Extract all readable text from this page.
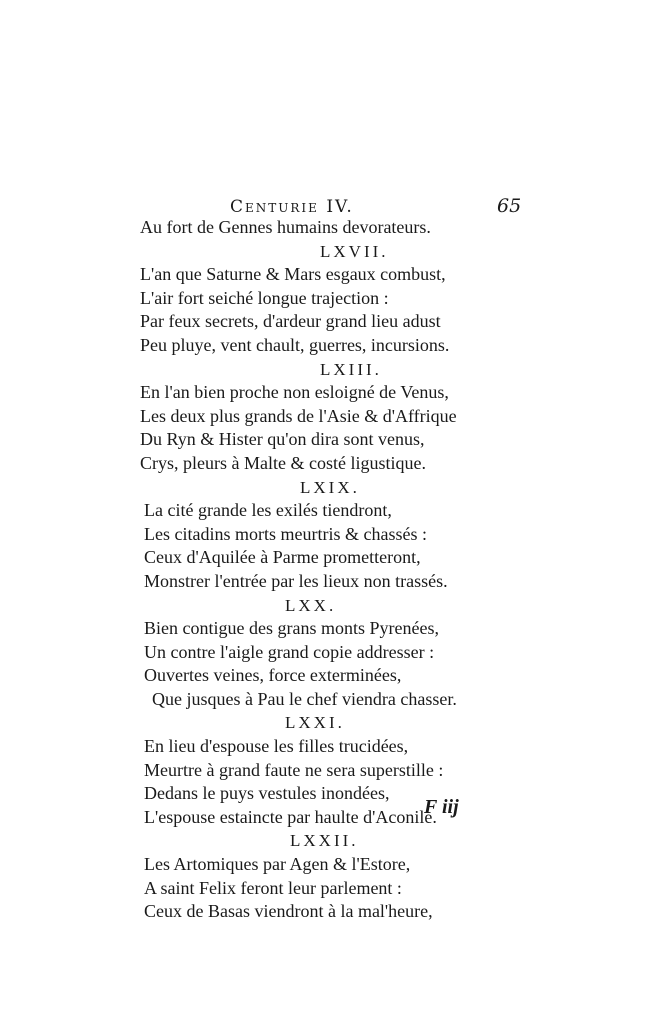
Centurie IV.	65
Au fort de Gennes humains devorateurs.
LXVII.
L'an que Saturne & Mars esgaux combust,
L'air fort seiché longue trajection :
Par feux secrets, d'ardeur grand lieu adust
Peu pluye, vent chault, guerres, incursions.
LXIII.
En l'an bien proche non esloigné de Venus,
Les deux plus grands de l'Asie & d'Affrique
Du Ryn & Hister qu'on dira sont venus,
Crys, pleurs à Malte & costé ligustique.
LXIX.
La cité grande les exilés tiendront,
Les citadins morts meurtris & chassés :
Ceux d'Aquilée à Parme prometteront,
Monstrer l'entrée par les lieux non trassés.
LXX.
Bien contigue des grans monts Pyrenées,
Un contre l'aigle grand copie addresser :
Ouvertes veines, force exterminées,
Que jusques à Pau le chef viendra chasser.
LXXI.
En lieu d'espouse les filles trucidées,
Meurtre à grand faute ne sera superstille :
Dedans le puys vestules inondées,
L'espouse estaincte par haulte d'Aconile.
LXXII.
Les Artomiques par Agen & l'Estore,
A saint Felix feront leur parlement :
Ceux de Basas viendront à la mal'heure,
F iij
